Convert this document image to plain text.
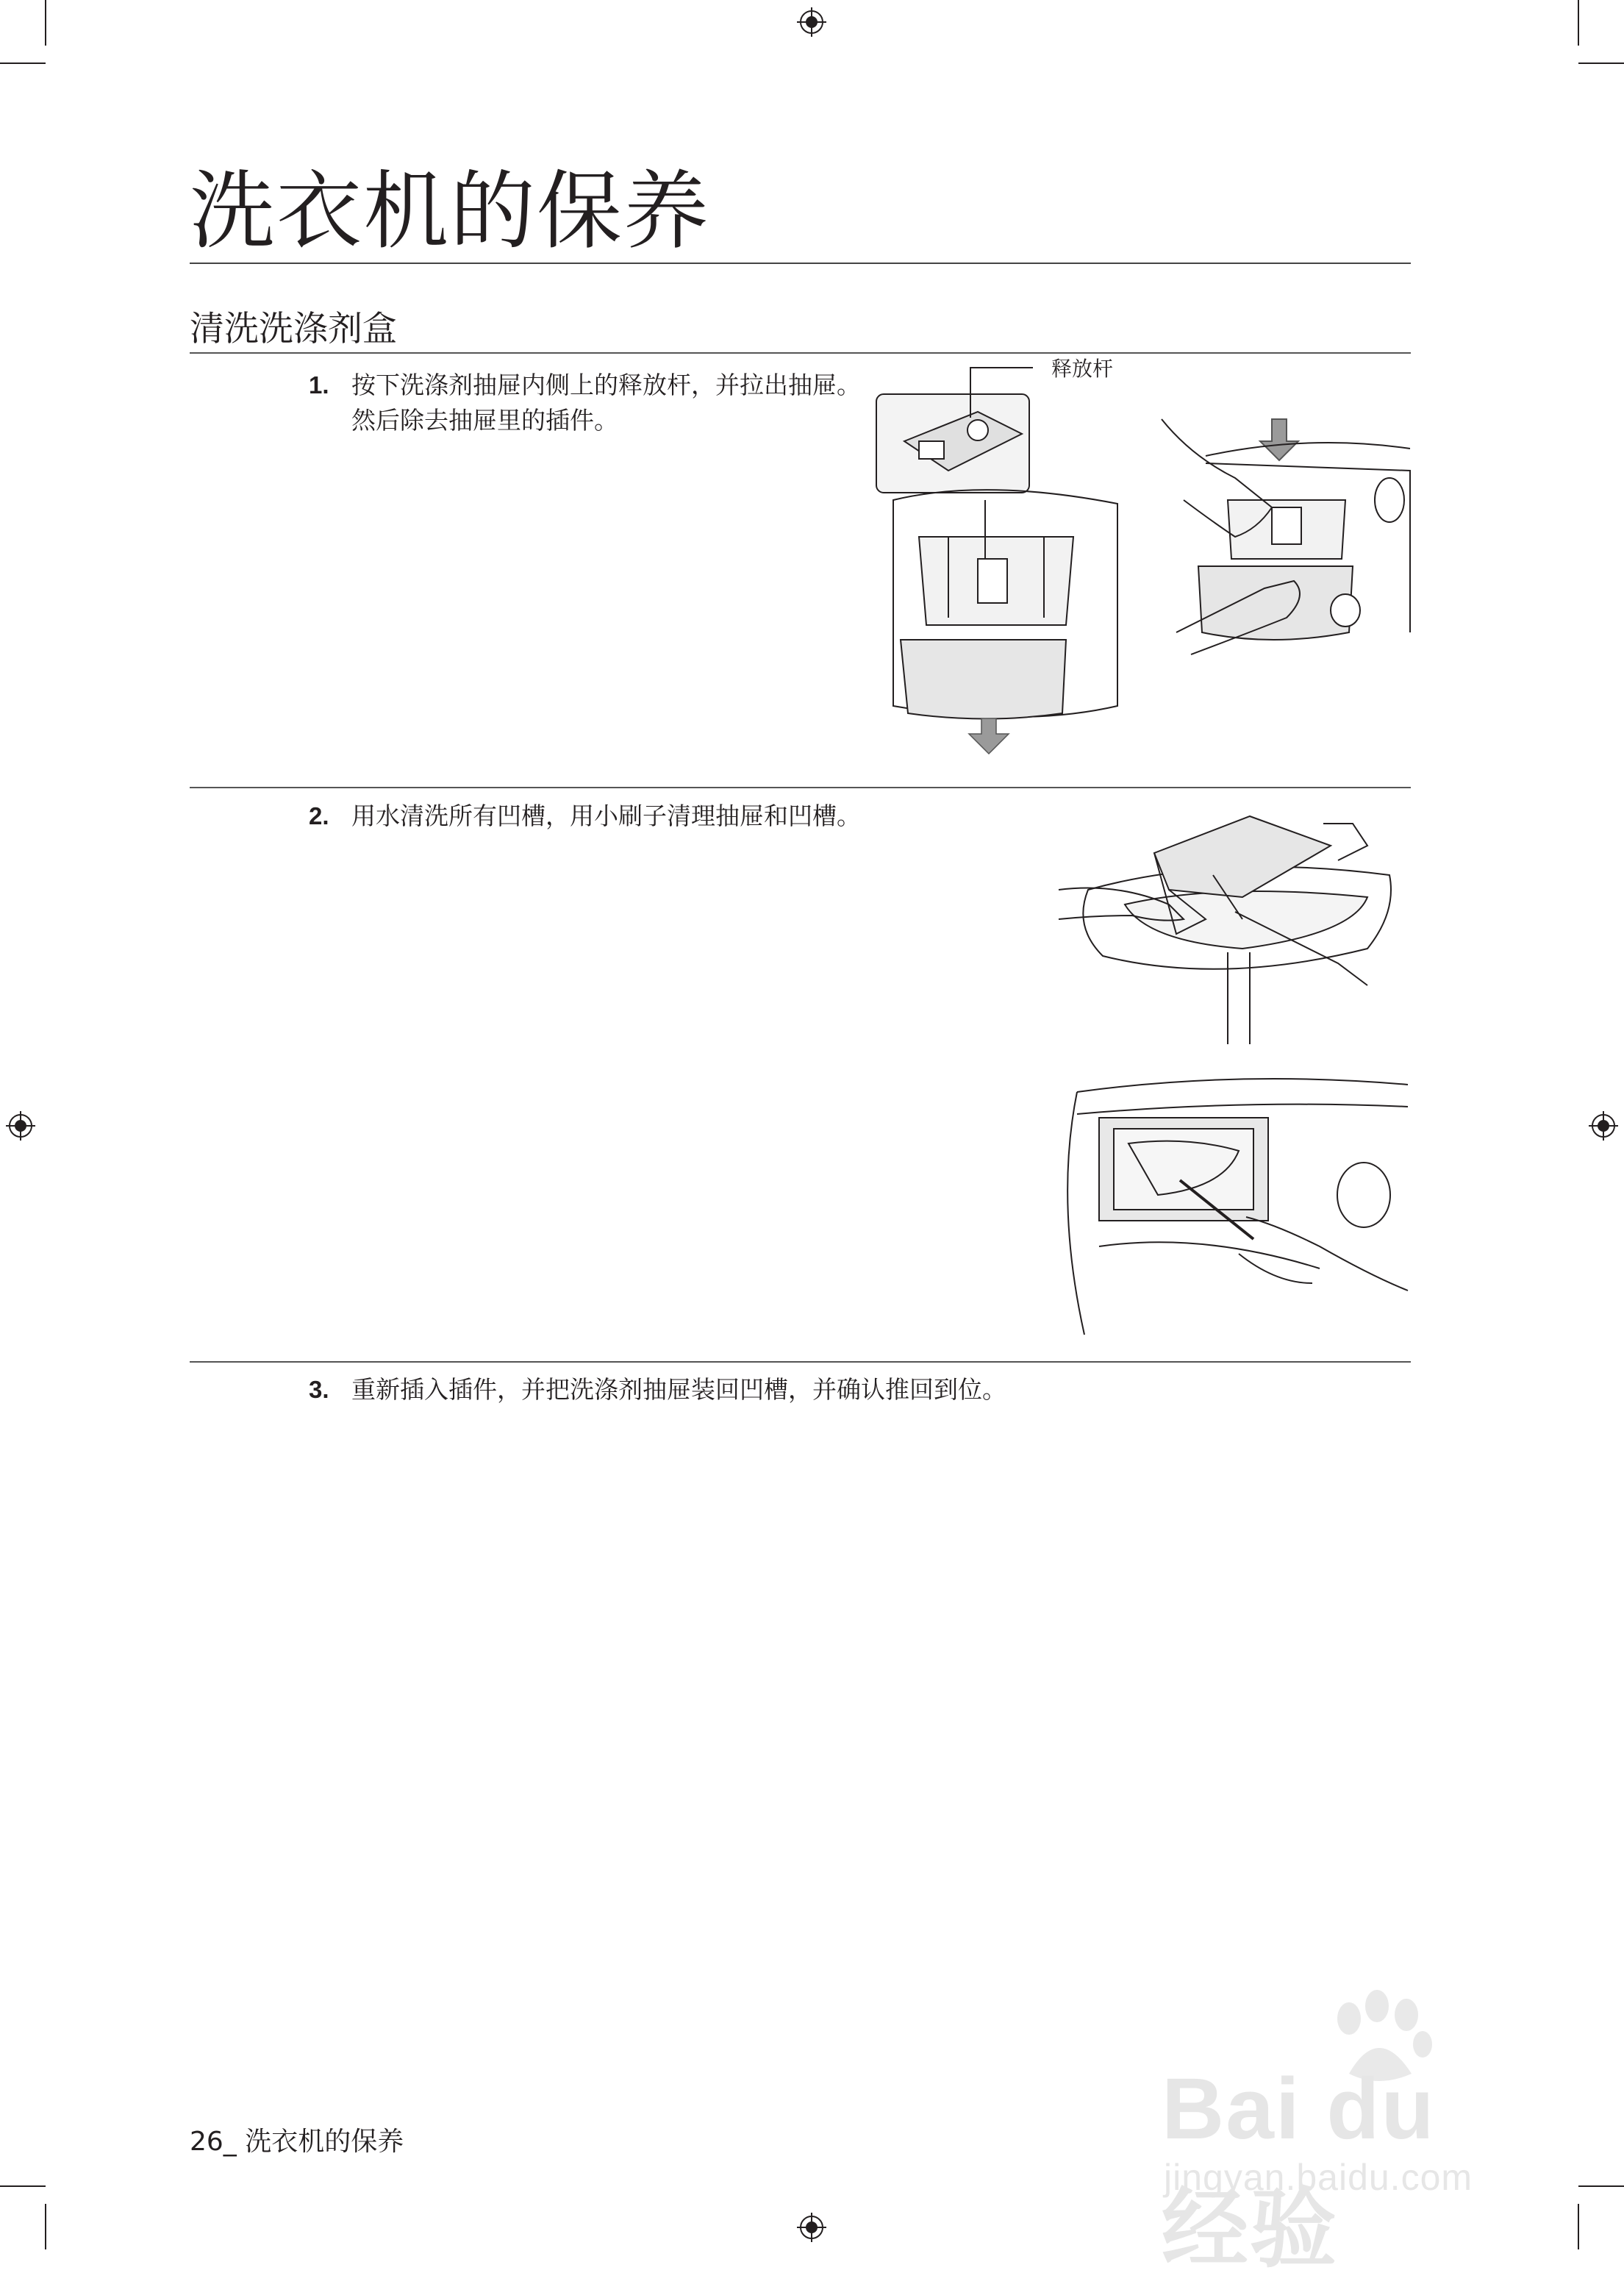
洗衣机的保养
清洗洗涤剂盒
1. 按下洗涤剂抽屉内侧上的释放杆，并拉出抽屉。然后除去抽屉里的插件。
释放杆
2. 用水清洗所有凹槽，用小刷子清理抽屉和凹槽。
3. 重新插入插件，并把洗涤剂抽屉装回凹槽，并确认推回到位。
26_ 洗衣机的保养	Bai du 经验
jingyan.baidu.com
